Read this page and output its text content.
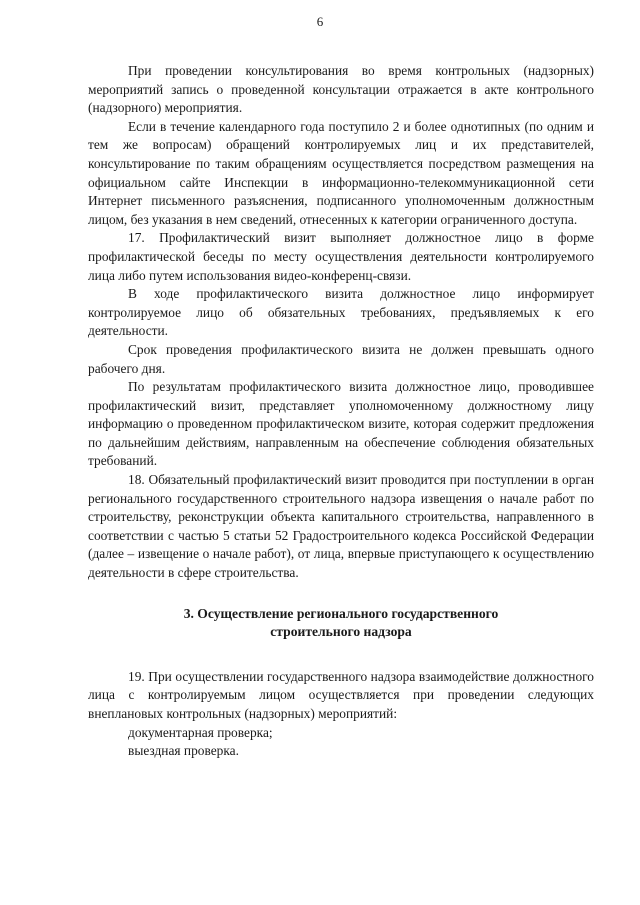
6

При проведении консультирования во время контрольных (надзорных) мероприятий запись о проведенной консультации отражается в акте контрольного (надзорного) мероприятия.

Если в течение календарного года поступило 2 и более однотипных (по одним и тем же вопросам) обращений контролируемых лиц и их представителей, консультирование по таким обращениям осуществляется посредством размещения на официальном сайте Инспекции в информационно-телекоммуникационной сети Интернет письменного разъяснения, подписанного уполномоченным должностным лицом, без указания в нем сведений, отнесенных к категории ограниченного доступа.

17. Профилактический визит выполняет должностное лицо в форме профилактической беседы по месту осуществления деятельности контролируемого лица либо путем использования видео-конференц-связи.

В ходе профилактического визита должностное лицо информирует контролируемое лицо об обязательных требованиях, предъявляемых к его деятельности.

Срок проведения профилактического визита не должен превышать одного рабочего дня.

По результатам профилактического визита должностное лицо, проводившее профилактический визит, представляет уполномоченному должностному лицу информацию о проведенном профилактическом визите, которая содержит предложения по дальнейшим действиям, направленным на обеспечение соблюдения обязательных требований.

18. Обязательный профилактический визит проводится при поступлении в орган регионального государственного строительного надзора извещения о начале работ по строительству, реконструкции объекта капитального строительства, направленного в соответствии с частью 5 статьи 52 Градостроительного кодекса Российской Федерации (далее – извещение о начале работ), от лица, впервые приступающего к осуществлению деятельности в сфере строительства.

3. Осуществление регионального государственного
строительного надзора

19. При осуществлении государственного надзора взаимодействие должностного лица с контролируемым лицом осуществляется при проведении следующих внеплановых контрольных (надзорных) мероприятий:

документарная проверка;

выездная проверка.
